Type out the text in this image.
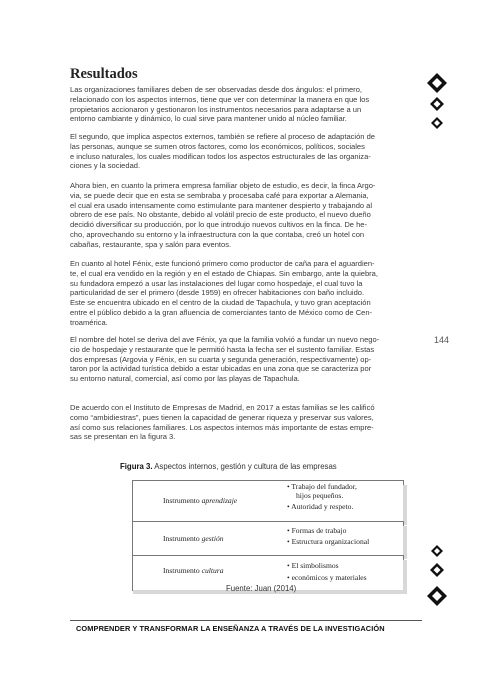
Resultados

Las organizaciones familiares deben de ser observadas desde dos ángulos: el primero,
relacionado con los aspectos internos, tiene que ver con determinar la manera en que los
propietarios accionaron y gestionaron los instrumentos necesarios para adaptarse a un
entorno cambiante y dinámico, lo cual sirve para mantener unido al núcleo familiar.

El segundo, que implica aspectos externos, también se refiere al proceso de adaptación de
las personas, aunque se sumen otros factores, como los económicos, políticos, sociales
e incluso naturales, los cuales modifican todos los aspectos estructurales de las organiza-
ciones y la sociedad.

Ahora bien, en cuanto la primera empresa familiar objeto de estudio, es decir, la finca Argo-
via, se puede decir que en esta se sembraba y procesaba café para exportar a Alemania,
el cual era usado intensamente como estimulante para mantener despierto y trabajando al
obrero de ese país. No obstante, debido al volátil precio de este producto, el nuevo dueño
decidió diversificar su producción, por lo que introdujo nuevos cultivos en la finca. De he-
cho, aprovechando su entorno y la infraestructura con la que contaba, creó un hotel con
cabañas, restaurante, spa y salón para eventos.

En cuanto al hotel Fénix, este funcionó primero como productor de caña para el aguardien-
te, el cual era vendido en la región y en el estado de Chiapas. Sin embargo, ante la quiebra,
su fundadora empezó a usar las instalaciones del lugar como hospedaje, el cual tuvo la
particularidad de ser el primero (desde 1959) en ofrecer habitaciones con baño incluido.
Este se encuentra ubicado en el centro de la ciudad de Tapachula, y tuvo gran aceptación
entre el público debido a la gran afluencia de comerciantes tanto de México como de Cen-
troamérica.

El nombre del hotel se deriva del ave Fénix, ya que la familia volvió a fundar un nuevo nego-
cio de hospedaje y restaurante que le permitió hasta la fecha ser el sustento familiar. Estas
dos empresas (Argovia y Fénix, en su cuarta y segunda generación, respectivamente) op-
taron por la actividad turística debido a estar ubicadas en una zona que se caracteriza por
su entorno natural, comercial, así como por las playas de Tapachula.

De acuerdo con el Instituto de Empresas de Madrid, en 2017 a estas familias se les calificó
como “ambidiestras”, pues tienen la capacidad de generar riqueza y preservar sus valores,
así como sus relaciones familiares. Los aspectos internos más importante de estas empre-
sas se presentan en la figura 3.

144
Figura 3. Aspectos internos, gestión y cultura de las empresas
Instrumento aprendizaje
• Trabajo del fundador,
hijos pequeños.
• Autoridad y respeto.
Instrumento gestión
• Formas de trabajo
• Estructura organizacional
Instrumento cultura
• El simbolismos
• económicos y materiales
Fuente: Juan (2014)
COMPRENDER Y TRANSFORMAR LA ENSEÑANZA A TRAVÉS DE LA INVESTIGACIÓN
